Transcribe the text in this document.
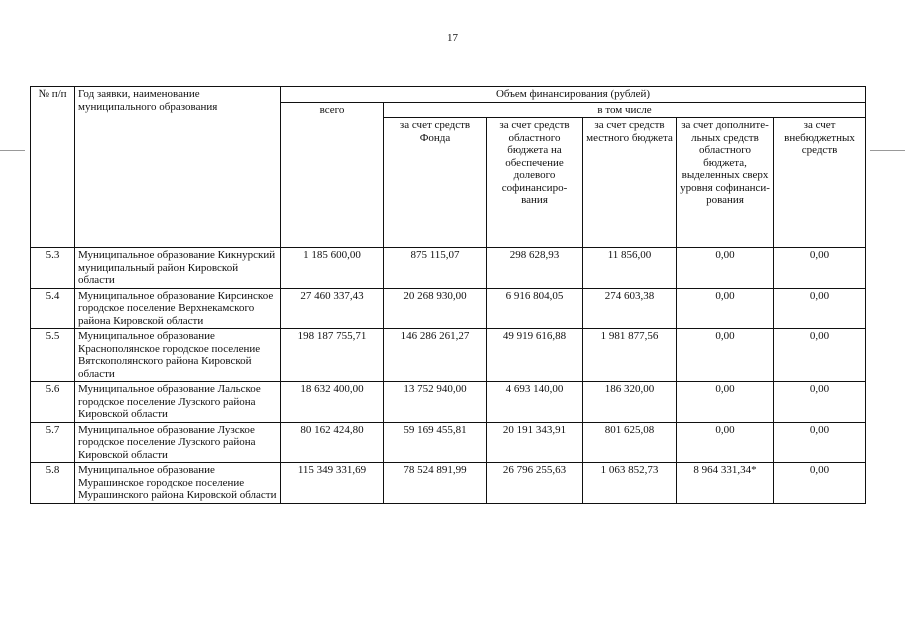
17
№ п/п	Год заявки, наименование муниципального образования	Объем финансирования (рублей)					
		всего	в том числе				
			за счет средств Фонда	за счет средств областного бюджета на обеспечение долевого софинансиро-вания	за счет средств местного бюджета	за счет дополните-льных средств областного бюджета, выделенных сверх уровня софинанси-рования	за счет внебюджетных средств
5.3	Муниципальное образование Кикнурский муниципальный район Кировской области	1 185 600,00	875 115,07	298 628,93	11 856,00	0,00	0,00
5.4	Муниципальное образование Кирсинское городское поселение Верхнекамского района Кировской области	27 460 337,43	20 268 930,00	6 916 804,05	274 603,38	0,00	0,00
5.5	Муниципальное образование Краснополянское городское поселение Вятскополянского района Кировской области	198 187 755,71	146 286 261,27	49 919 616,88	1 981 877,56	0,00	0,00
5.6	Муниципальное образование Лальское городское поселение Лузского района Кировской области	18 632 400,00	13 752 940,00	4 693 140,00	186 320,00	0,00	0,00
5.7	Муниципальное образование Лузское городское поселение Лузского района Кировской области	80 162 424,80	59 169 455,81	20 191 343,91	801 625,08	0,00	0,00
5.8	Муниципальное образование Мурашинское городское поселение Мурашинского района Кировской области	115 349 331,69	78 524 891,99	26 796 255,63	1 063 852,73	8 964 331,34*	0,00
